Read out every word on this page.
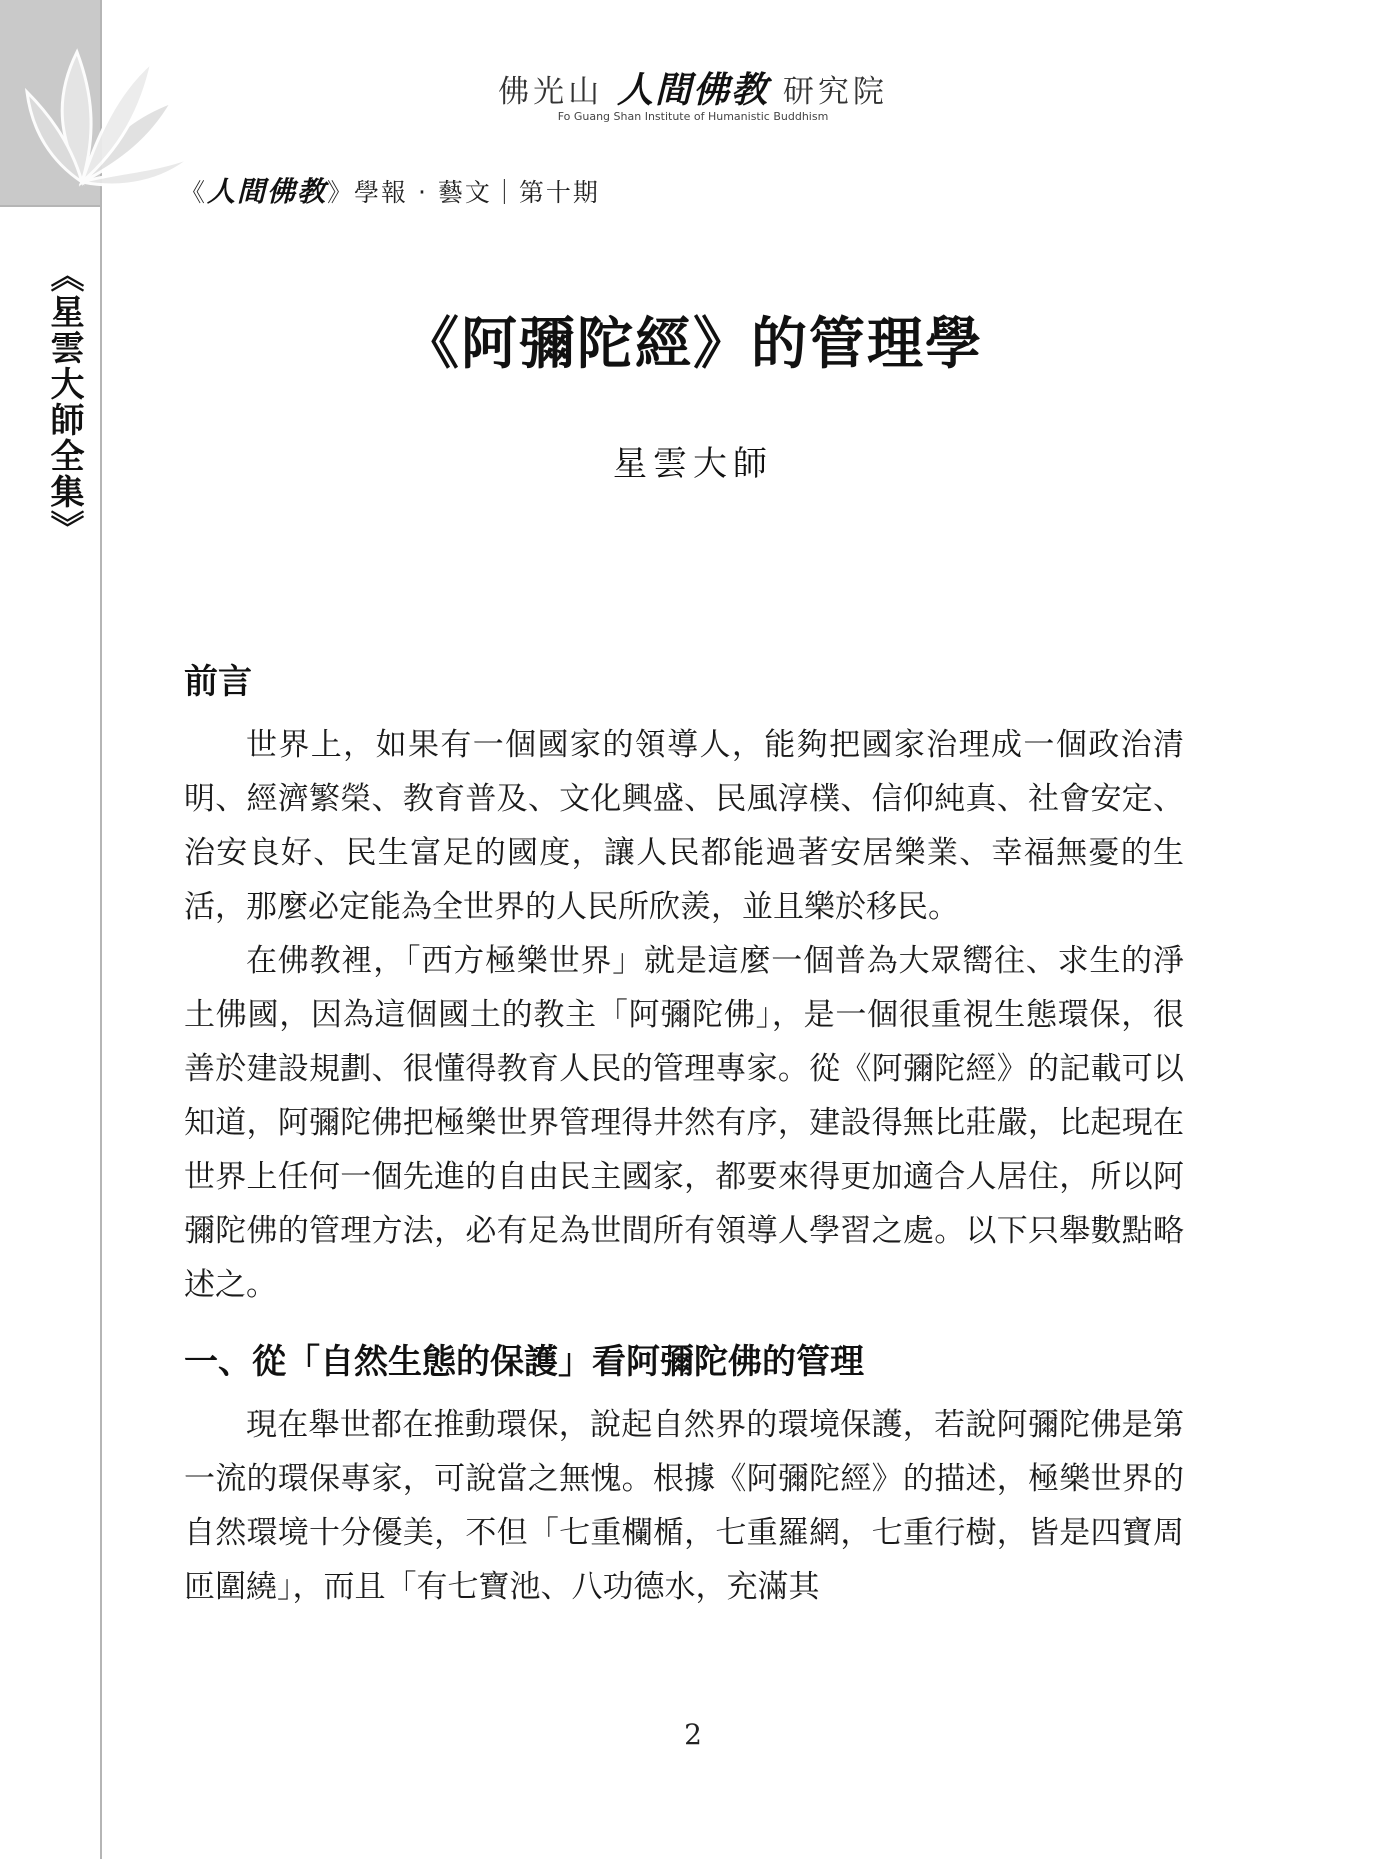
《星雲大師全集》
佛光山 人間佛教 研究院
Fo Guang Shan Institute of Humanistic Buddhism
《人間佛教》學報 ‧ 藝文｜第十期
《阿彌陀經》的管理學
星雲大師
前言

世界上，如果有一個國家的領導人，能夠把國家治理成一個政治清明、經濟繁榮、教育普及、文化興盛、民風淳樸、信仰純真、社會安定、治安良好、民生富足的國度，讓人民都能過著安居樂業、幸福無憂的生活，那麼必定能為全世界的人民所欣羨，並且樂於移民。

在佛教裡，「西方極樂世界」就是這麼一個普為大眾嚮往、求生的淨土佛國，因為這個國土的教主「阿彌陀佛」，是一個很重視生態環保，很善於建設規劃、很懂得教育人民的管理專家。從《阿彌陀經》的記載可以知道，阿彌陀佛把極樂世界管理得井然有序，建設得無比莊嚴，比起現在世界上任何一個先進的自由民主國家，都要來得更加適合人居住，所以阿彌陀佛的管理方法，必有足為世間所有領導人學習之處。以下只舉數點略述之。

一、從「自然生態的保護」看阿彌陀佛的管理

現在舉世都在推動環保，說起自然界的環境保護，若說阿彌陀佛是第一流的環保專家，可說當之無愧。根據《阿彌陀經》的描述，極樂世界的自然環境十分優美，不但「七重欄楯，七重羅網，七重行樹，皆是四寶周匝圍繞」，而且「有七寶池、八功德水，充滿其

2
